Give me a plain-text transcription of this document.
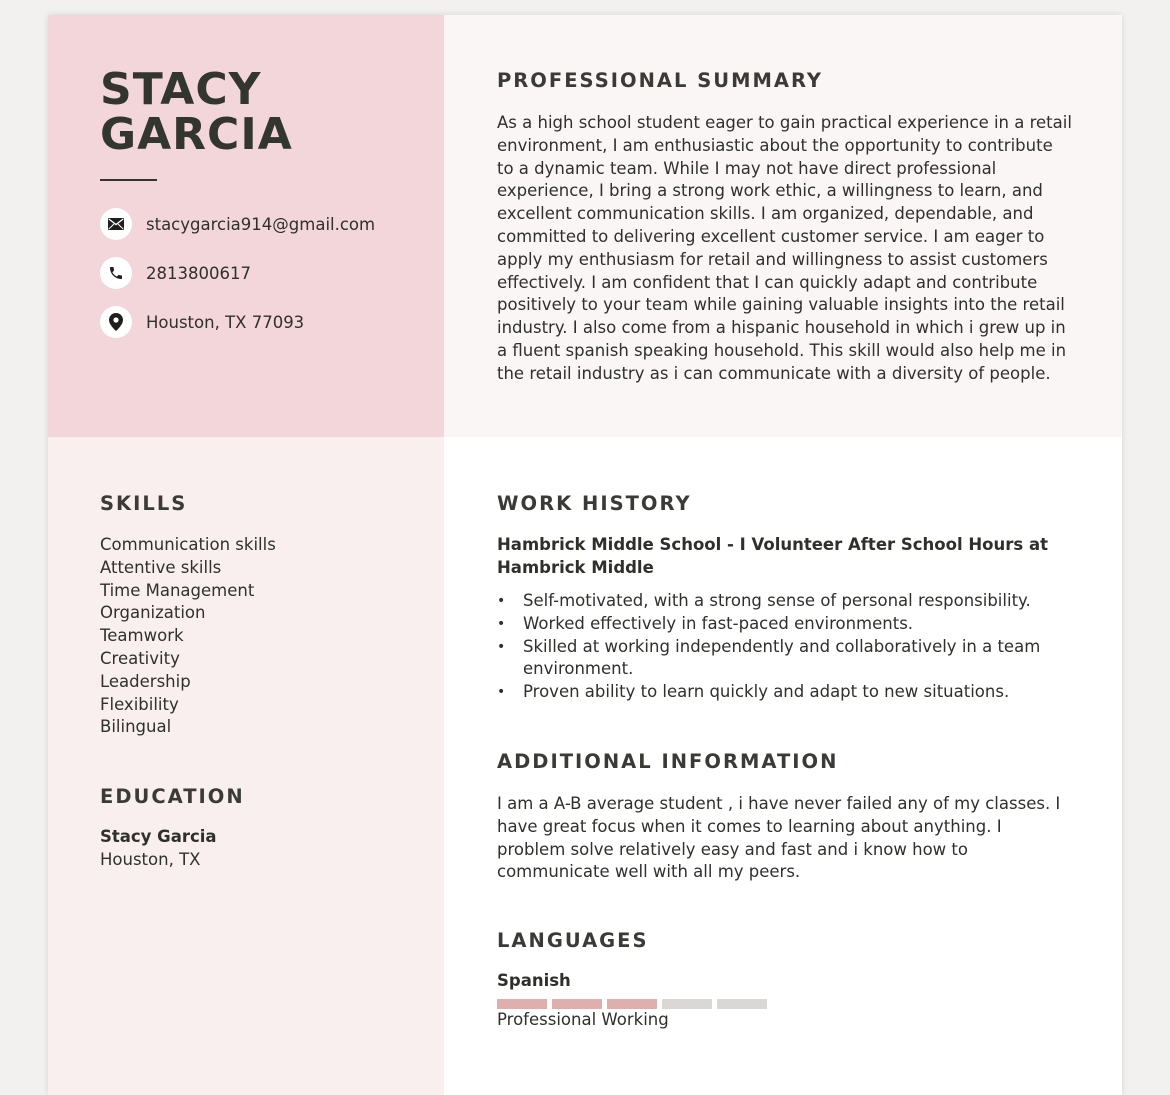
STACY
GARCIA
stacygarcia914@gmail.com
2813800617
Houston, TX 77093
PROFESSIONAL SUMMARY

As a high school student eager to gain practical experience in a retail environment, I am enthusiastic about the opportunity to contribute to a dynamic team. While I may not have direct professional experience, I bring a strong work ethic, a willingness to learn, and excellent communication skills. I am organized, dependable, and committed to delivering excellent customer service. I am eager to apply my enthusiasm for retail and willingness to assist customers effectively. I am confident that I can quickly adapt and contribute positively to your team while gaining valuable insights into the retail industry. I also come from a hispanic household in which i grew up in a fluent spanish speaking household. This skill would also help me in the retail industry as i can communicate with a diversity of people.

SKILLS
Communication skills
Attentive skills
Time Management
Organization
Teamwork
Creativity
Leadership
Flexibility
Bilingual
EDUCATION
Stacy Garcia
Houston, TX
WORK HISTORY
Hambrick Middle School - I Volunteer After School Hours at Hambrick Middle
• Self-motivated, with a strong sense of personal responsibility.
• Worked effectively in fast-paced environments.
• Skilled at working independently and collaboratively in a team environment.
• Proven ability to learn quickly and adapt to new situations.
ADDITIONAL INFORMATION

I am a A-B average student , i have never failed any of my classes. I have great focus when it comes to learning about anything. I problem solve relatively easy and fast and i know how to communicate well with all my peers.

LANGUAGES
Spanish
Professional Working
